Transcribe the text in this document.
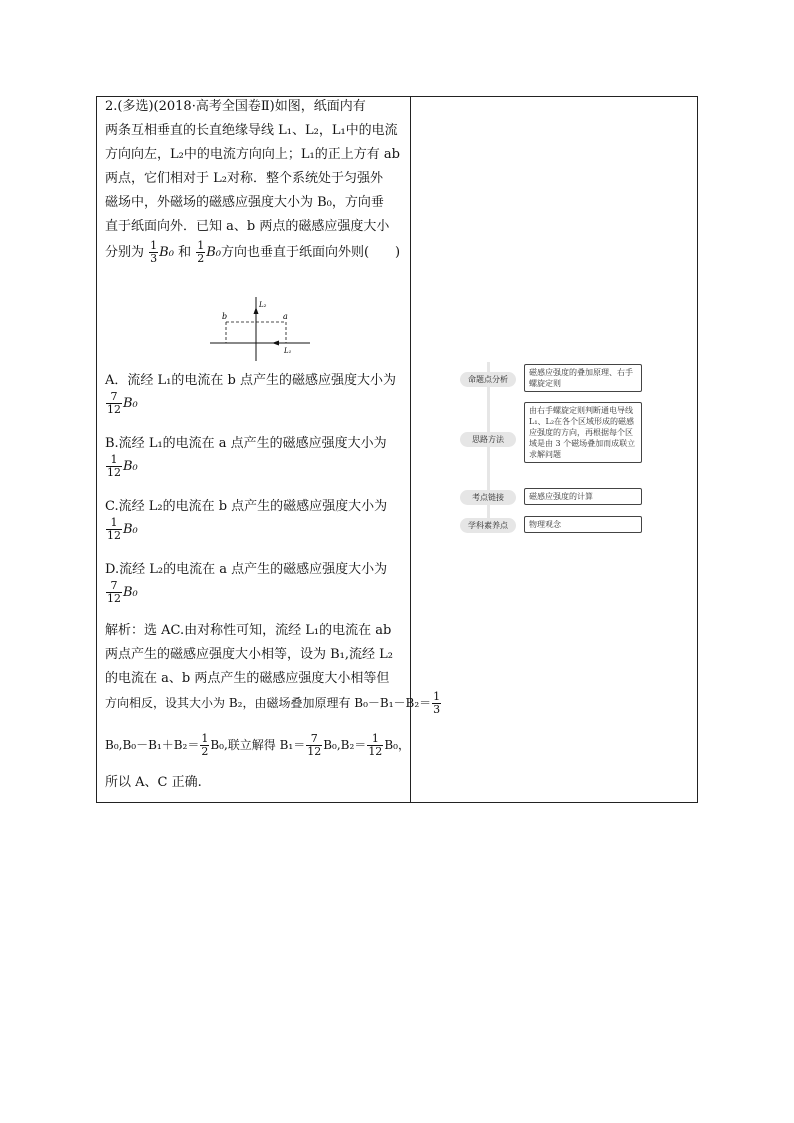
2.(多选)(2018·高考全国卷Ⅱ)如图，纸面内有
两条互相垂直的长直绝缘导线 L₁、L₂，L₁中的电流
方向向左，L₂中的电流方向向上；L₁的正上方有 ab
两点，它们相对于 L₂对称．整个系统处于匀强外
磁场中，外磁场的磁感应强度大小为 B₀，方向垂
直于纸面向外．已知 a、b 两点的磁感应强度大小
分别为 $\frac{1}{3} B_0$ 和 $\frac{1}{2} B_0$方向也垂直于纸面向外则(　　)
A．流经 L₁的电流在 b 点产生的磁感应强度大小为
$\frac{7}{12} B_0$
B.流经 L₁的电流在 a 点产生的磁感应强度大小为
$\frac{1}{12} B_0$
C.流经 L₂的电流在 b 点产生的磁感应强度大小为
$\frac{1}{12} B_0$
D.流经 L₂的电流在 a 点产生的磁感应强度大小为
$\frac{7}{12} B_0$
解析：选 AC.由对称性可知，流经 L₁的电流在 ab
两点产生的磁感应强度大小相等，设为 B₁,流经 L₂
的电流在 a、b 两点产生的磁感应强度大小相等但
方向相反，设其大小为 B₂，由磁场叠加原理有 $B_0-B_1-B_2= \frac{1}{3}$
$B_0,B_0-B_1+B_2= \frac{1}{2} B_0$,联立解得 $B_1= \frac{7}{12} B_0,B_2= \frac{1}{12} B_0$，
所以 A、C 正确.
L₂
L₁
a
b
命题点分析
磁感应强度的叠加原理、右手螺旋定则
思路方法
由右手螺旋定则判断通电导线 L₁、L₂在各个区域形成的磁感应强度的方向，再根据每个区域是由 3 个磁场叠加而成联立求解问题
考点链接	磁感应强度的计算
学科素养点	物理观念
